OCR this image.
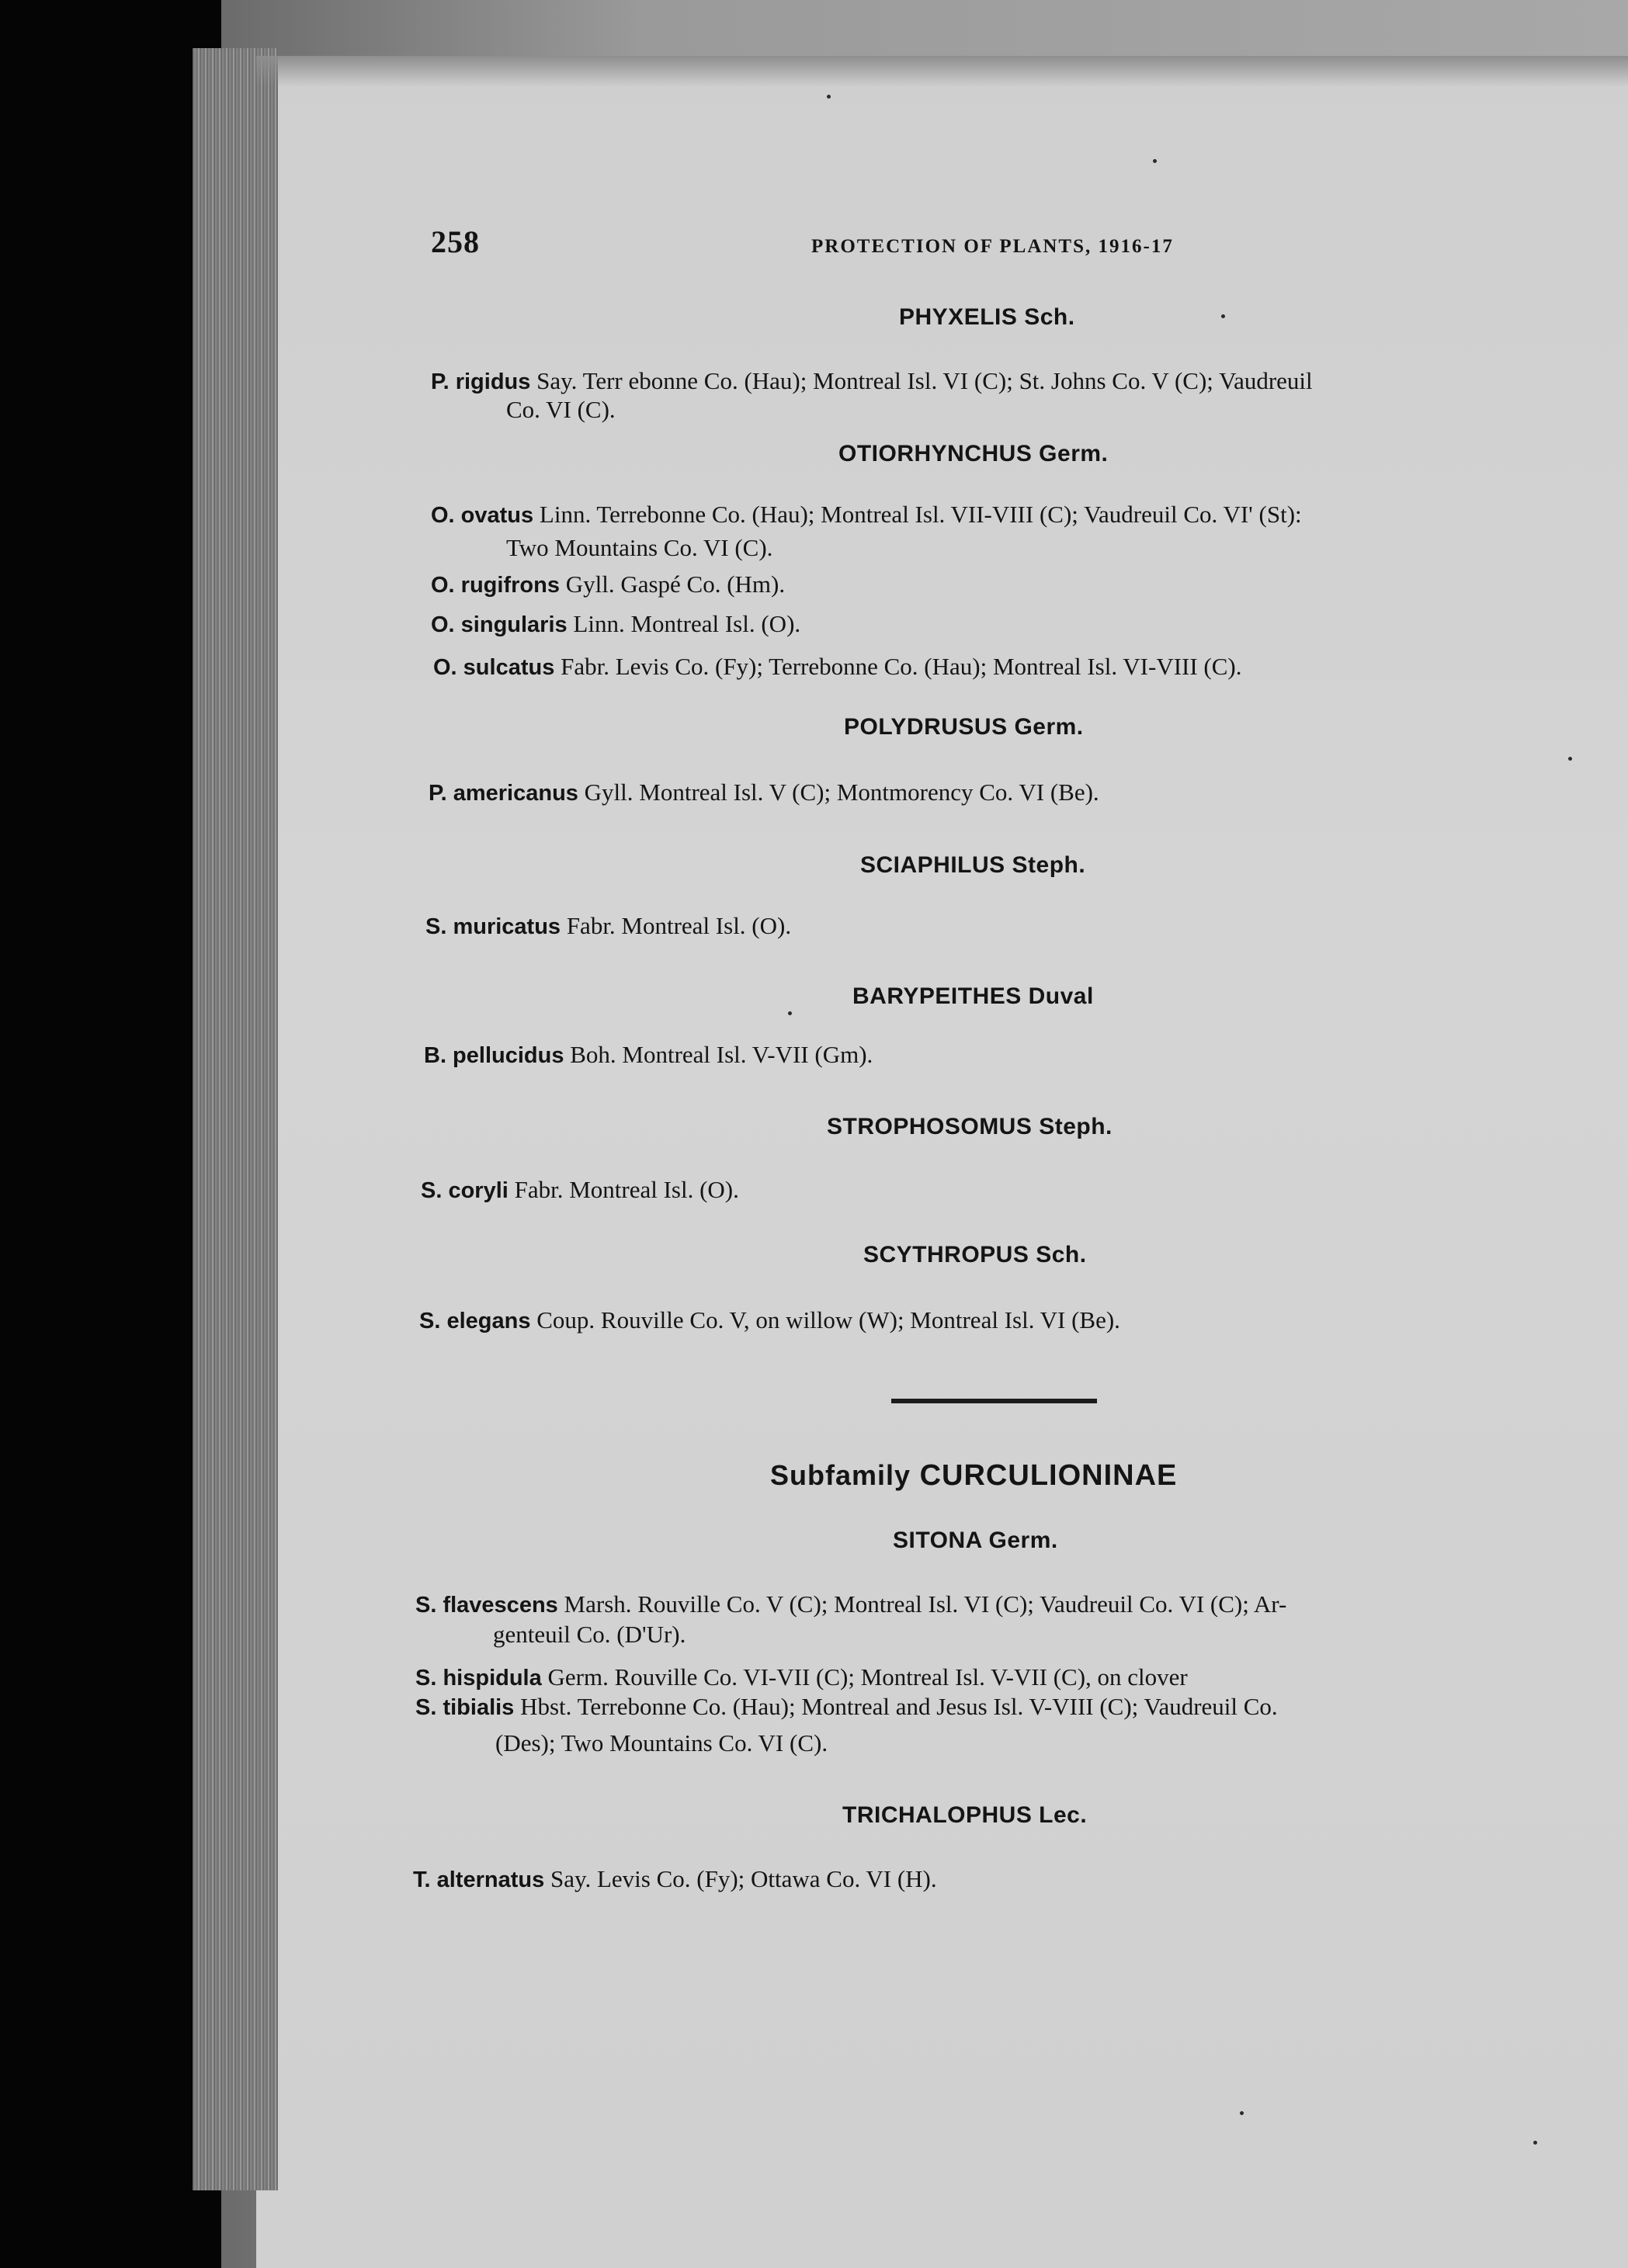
258	PROTECTION OF PLANTS, 1916-17
PHYXELIS Sch.
P. rigidus Say. Terr ebonne Co. (Hau); Montreal Isl. VI (C); St. Johns Co. V (C); Vaudreuil
Co. VI (C).
OTIORHYNCHUS Germ.
O. ovatus Linn. Terrebonne Co. (Hau); Montreal Isl. VII-VIII (C); Vaudreuil Co. VI' (St):
Two Mountains Co. VI (C).
O. rugifrons Gyll. Gaspé Co. (Hm).
O. singularis Linn. Montreal Isl. (O).
O. sulcatus Fabr. Levis Co. (Fy); Terrebonne Co. (Hau); Montreal Isl. VI-VIII (C).
POLYDRUSUS Germ.
P. americanus Gyll. Montreal Isl. V (C); Montmorency Co. VI (Be).
SCIAPHILUS Steph.
S. muricatus Fabr. Montreal Isl. (O).
BARYPEITHES Duval
B. pellucidus Boh. Montreal Isl. V-VII (Gm).
STROPHOSOMUS Steph.
S. coryli Fabr. Montreal Isl. (O).
SCYTHROPUS Sch.
S. elegans Coup. Rouville Co. V, on willow (W); Montreal Isl. VI (Be).
Subfamily CURCULIONINAE
SITONA Germ.
S. flavescens Marsh. Rouville Co. V (C); Montreal Isl. VI (C); Vaudreuil Co. VI (C); Ar-
genteuil Co. (D'Ur).
S. hispidula Germ. Rouville Co. VI-VII (C); Montreal Isl. V-VII (C), on clover
S. tibialis Hbst. Terrebonne Co. (Hau); Montreal and Jesus Isl. V-VIII (C); Vaudreuil Co.
(Des); Two Mountains Co. VI (C).
TRICHALOPHUS Lec.
T. alternatus Say. Levis Co. (Fy); Ottawa Co. VI (H).
